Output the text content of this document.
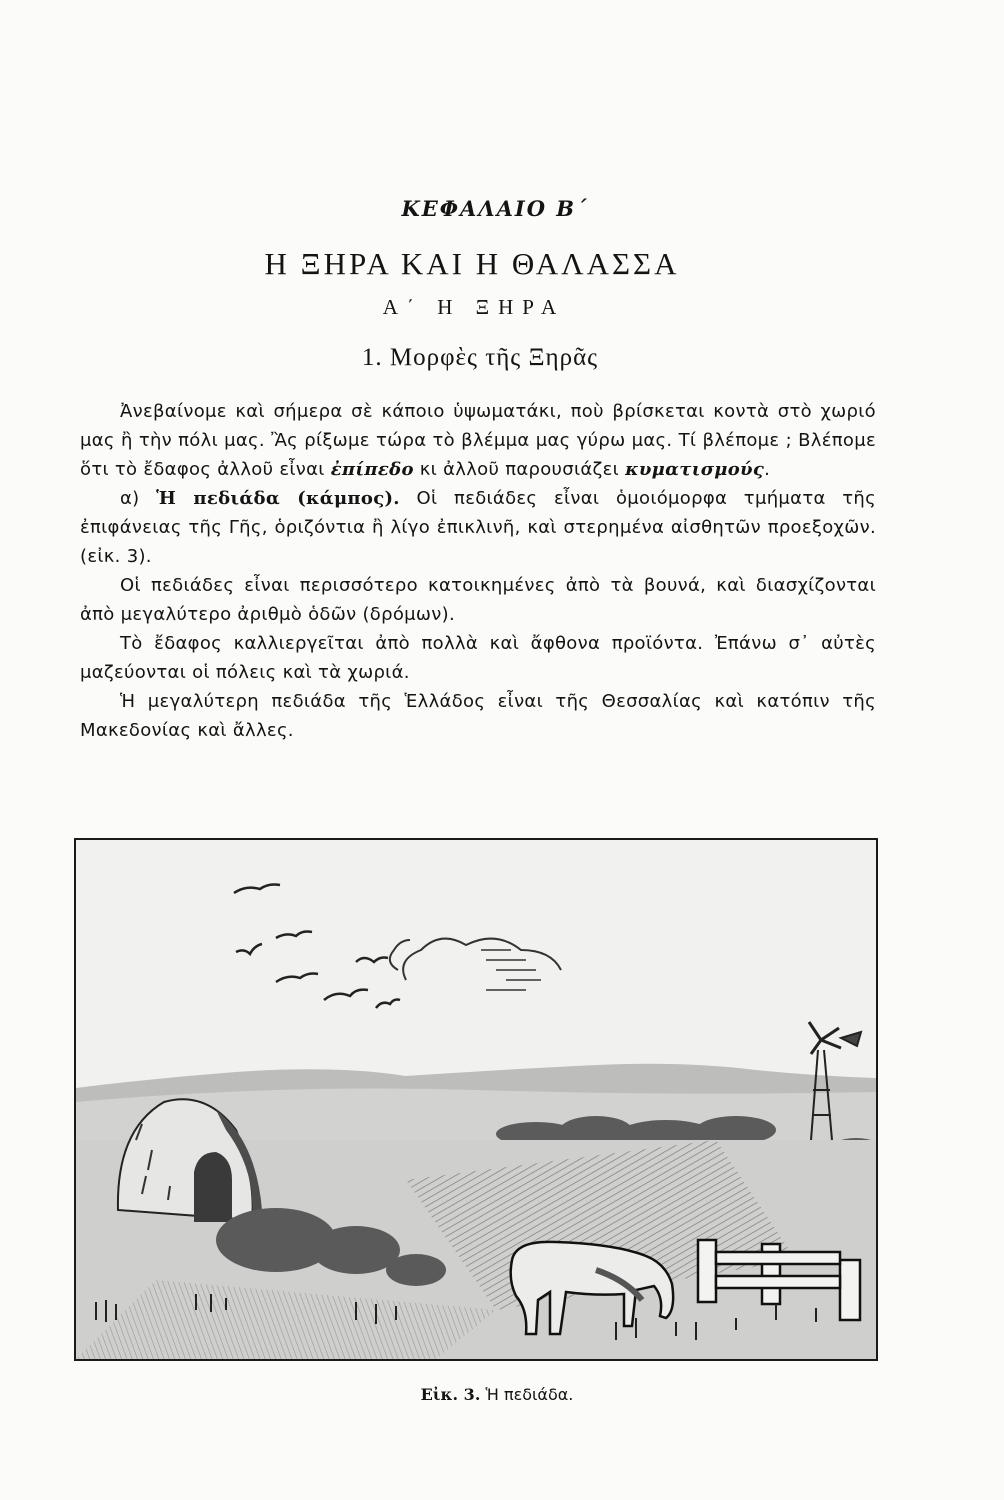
ΚΕΦΑΛΑΙΟ Β΄
Η ΞΗΡΑ ΚΑΙ Η ΘΑΛΑΣΣΑ
Α΄ Η ΞΗΡΑ
1. Μορφὲς τῆς Ξηρᾶς

Ἀνεβαίνομε καὶ σήμερα σὲ κάποιο ὑψωματάκι, ποὺ βρίσκεται κοντὰ στὸ χωριό μας ἢ τὴν πόλι μας. Ἂς ρίξωμε τώρα τὸ βλέμμα μας γύρω μας. Τί βλέπομε ; Βλέπομε ὅτι τὸ ἔδαφος ἀλλοῦ εἶναι ἐπίπεδο κι ἀλλοῦ παρουσιάζει κυματισμούς.

α) Ἡ πεδιάδα (κάμπος). Οἱ πεδιάδες εἶναι ὁμοιόμορφα τμήματα τῆς ἐπιφάνειας τῆς Γῆς, ὁριζόντια ἢ λίγο ἐπικλινῆ, καὶ στερημένα αἰσθητῶν προεξοχῶν. (εἰκ. 3).

Οἱ πεδιάδες εἶναι περισσότερο κατοικημένες ἀπὸ τὰ βουνά, καὶ διασχίζονται ἀπὸ μεγαλύτερο ἀριθμὸ ὁδῶν (δρόμων).

Τὸ ἔδαφος καλλιεργεῖται ἀπὸ πολλὰ καὶ ἄφθονα προϊόντα. Ἐπάνω σ᾽ αὐτὲς μαζεύονται οἱ πόλεις καὶ τὰ χωριά.

Ἡ μεγαλύτερη πεδιάδα τῆς Ἑλλάδος εἶναι τῆς Θεσσαλίας καὶ κατόπιν τῆς Μακεδονίας καὶ ἄλλες.

Εἰκ. 3. Ἡ πεδιάδα.
